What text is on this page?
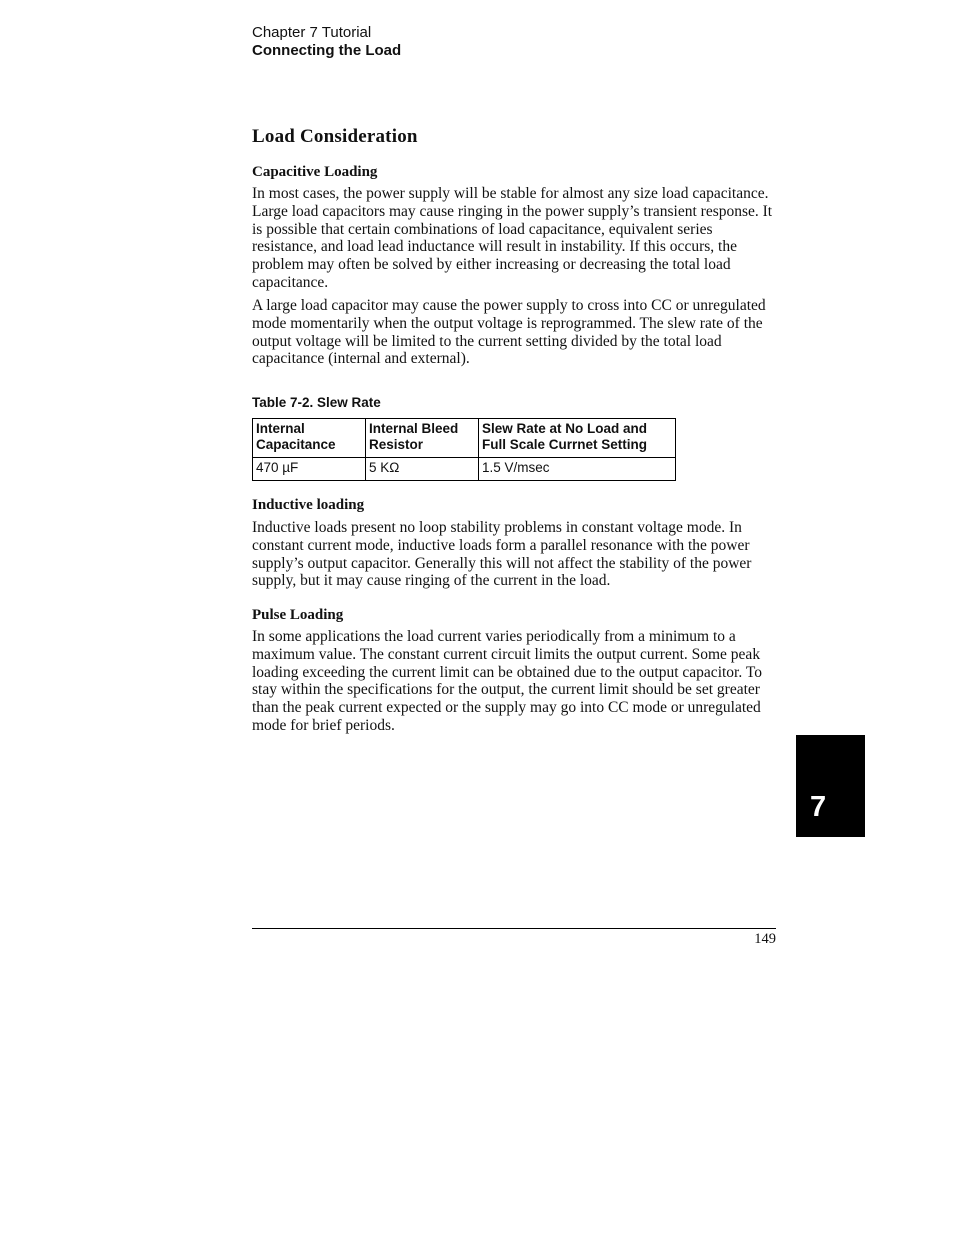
Chapter 7 Tutorial
Connecting the Load
Load Consideration
Capacitive Loading

In most cases, the power supply will be stable for almost any size load capacitance. Large load capacitors may cause ringing in the power supply’s transient response. It is possible that certain combinations of load capacitance, equivalent series resistance, and load lead inductance will result in instability. If this occurs, the problem may often be solved by either increasing or decreasing the total load capacitance.

A large load capacitor may cause the power supply to cross into CC or unregulated mode momentarily when the output voltage is reprogrammed. The slew rate of the output voltage will be limited to the current setting divided by the total load capacitance (internal and external).

Table 7-2. Slew Rate
Internal Capacitance	Internal Bleed Resistor	Slew Rate at No Load and Full Scale Currnet Setting
470 µF	5 KΩ	1.5 V/msec
Inductive loading

Inductive loads present no loop stability problems in constant voltage mode. In constant current mode, inductive loads form a parallel resonance with the power supply’s output capacitor. Generally this will not affect the stability of the power supply, but it may cause ringing of the current in the load.

Pulse Loading

In some applications the load current varies periodically from a minimum to a maximum value. The constant current circuit limits the output current. Some peak loading exceeding the current limit can be obtained due to the output capacitor. To stay within the specifications for the output, the current limit should be set greater than the peak current expected or the supply may go into CC mode or unregulated mode for brief periods.

7
149
